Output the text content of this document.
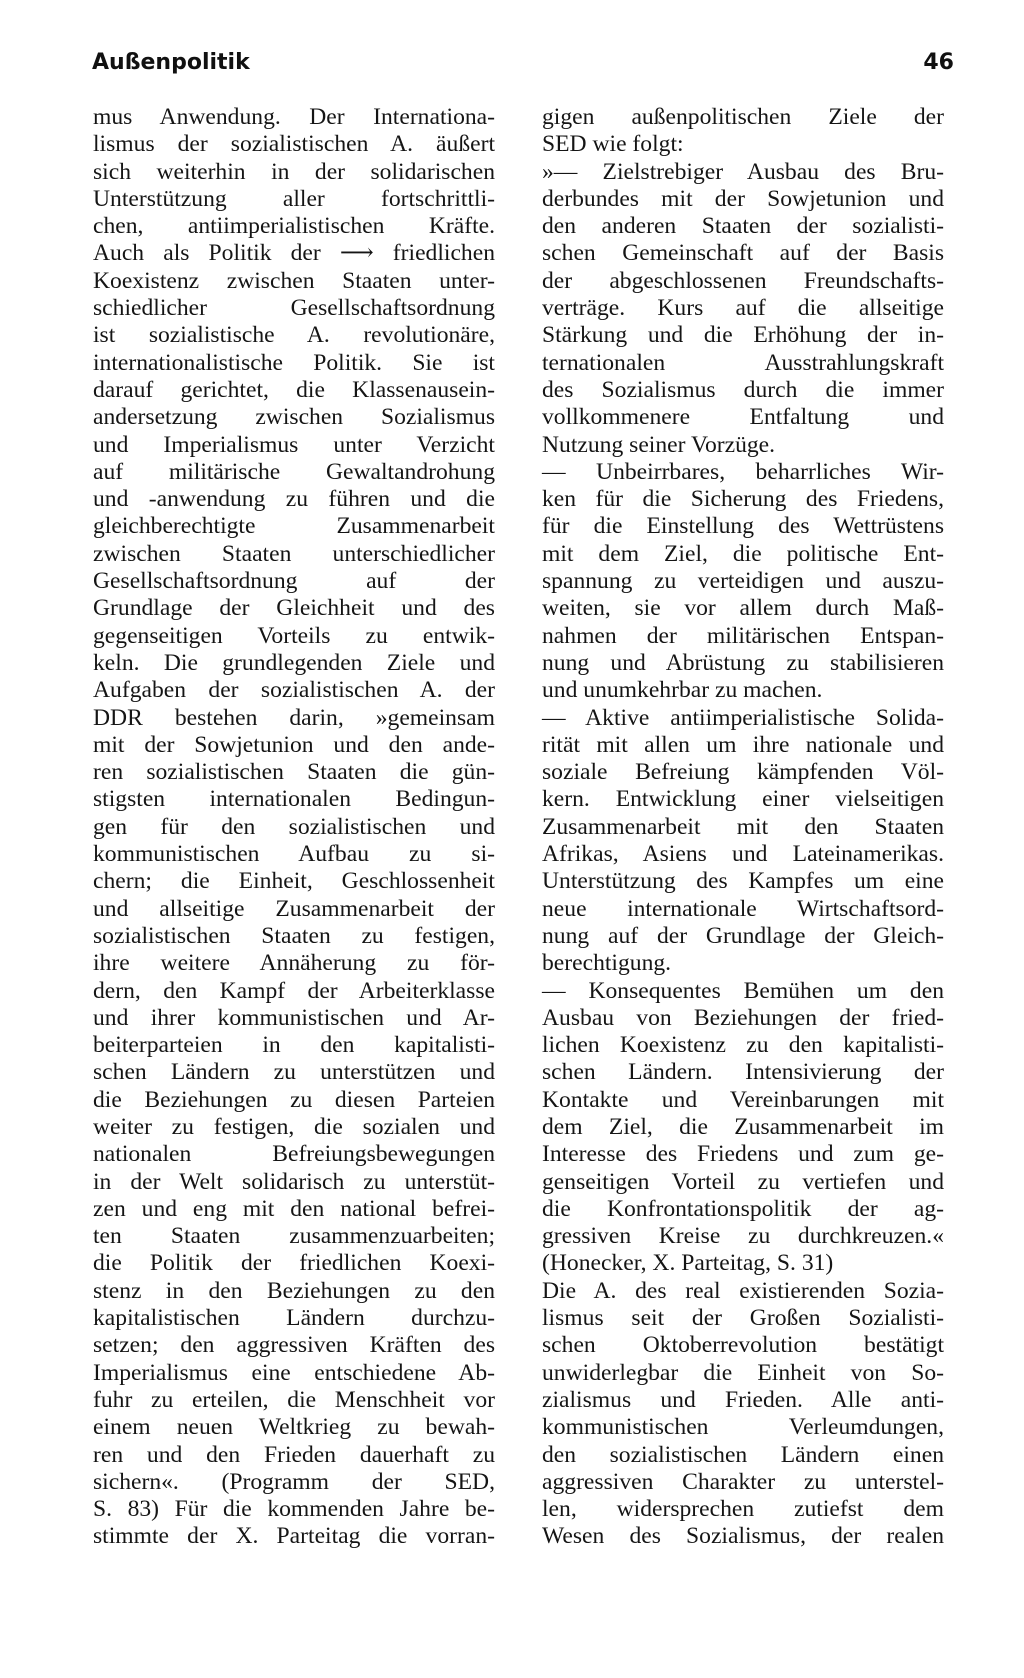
Außenpolitik	46
mus Anwendung. Der Internationa-
lismus der sozialistischen A. äußert
sich weiterhin in der solidarischen
Unterstützung aller fortschrittli-
chen, antiimperialistischen Kräfte.
Auch als Politik der ⟶ friedlichen
Koexistenz zwischen Staaten unter-
schiedlicher Gesellschaftsordnung
ist sozialistische A. revolutionäre,
internationalistische Politik. Sie ist
darauf gerichtet, die Klassenausein-
andersetzung zwischen Sozialismus
und Imperialismus unter Verzicht
auf militärische Gewaltandrohung
und -anwendung zu führen und die
gleichberechtigte Zusammenarbeit
zwischen Staaten unterschiedlicher
Gesellschaftsordnung auf der
Grundlage der Gleichheit und des
gegenseitigen Vorteils zu entwik-
keln. Die grundlegenden Ziele und
Aufgaben der sozialistischen A. der
DDR bestehen darin, »gemeinsam
mit der Sowjetunion und den ande-
ren sozialistischen Staaten die gün-
stigsten internationalen Bedingun-
gen für den sozialistischen und
kommunistischen Aufbau zu si-
chern; die Einheit, Geschlossenheit
und allseitige Zusammenarbeit der
sozialistischen Staaten zu festigen,
ihre weitere Annäherung zu för-
dern, den Kampf der Arbeiterklasse
und ihrer kommunistischen und Ar-
beiterparteien in den kapitalisti-
schen Ländern zu unterstützen und
die Beziehungen zu diesen Parteien
weiter zu festigen, die sozialen und
nationalen Befreiungsbewegungen
in der Welt solidarisch zu unterstüt-
zen und eng mit den national befrei-
ten Staaten zusammenzuarbeiten;
die Politik der friedlichen Koexi-
stenz in den Beziehungen zu den
kapitalistischen Ländern durchzu-
setzen; den aggressiven Kräften des
Imperialismus eine entschiedene Ab-
fuhr zu erteilen, die Menschheit vor
einem neuen Weltkrieg zu bewah-
ren und den Frieden dauerhaft zu
sichern«. (Programm der SED,
S. 83) Für die kommenden Jahre be-
stimmte der X. Parteitag die vorran-
gigen außenpolitischen Ziele der
SED wie folgt:
»— Zielstrebiger Ausbau des Bru-
derbundes mit der Sowjetunion und
den anderen Staaten der sozialisti-
schen Gemeinschaft auf der Basis
der abgeschlossenen Freundschafts-
verträge. Kurs auf die allseitige
Stärkung und die Erhöhung der in-
ternationalen Ausstrahlungskraft
des Sozialismus durch die immer
vollkommenere Entfaltung und
Nutzung seiner Vorzüge.
— Unbeirrbares, beharrliches Wir-
ken für die Sicherung des Friedens,
für die Einstellung des Wettrüstens
mit dem Ziel, die politische Ent-
spannung zu verteidigen und auszu-
weiten, sie vor allem durch Maß-
nahmen der militärischen Entspan-
nung und Abrüstung zu stabilisieren
und unumkehrbar zu machen.
— Aktive antiimperialistische Solida-
rität mit allen um ihre nationale und
soziale Befreiung kämpfenden Völ-
kern. Entwicklung einer vielseitigen
Zusammenarbeit mit den Staaten
Afrikas, Asiens und Lateinamerikas.
Unterstützung des Kampfes um eine
neue internationale Wirtschaftsord-
nung auf der Grundlage der Gleich-
berechtigung.
— Konsequentes Bemühen um den
Ausbau von Beziehungen der fried-
lichen Koexistenz zu den kapitalisti-
schen Ländern. Intensivierung der
Kontakte und Vereinbarungen mit
dem Ziel, die Zusammenarbeit im
Interesse des Friedens und zum ge-
genseitigen Vorteil zu vertiefen und
die Konfrontationspolitik der ag-
gressiven Kreise zu durchkreuzen.«
(Honecker, X. Parteitag, S. 31)
Die A. des real existierenden Sozia-
lismus seit der Großen Sozialisti-
schen Oktoberrevolution bestätigt
unwiderlegbar die Einheit von So-
zialismus und Frieden. Alle anti-
kommunistischen Verleumdungen,
den sozialistischen Ländern einen
aggressiven Charakter zu unterstel-
len, widersprechen zutiefst dem
Wesen des Sozialismus, der realen
